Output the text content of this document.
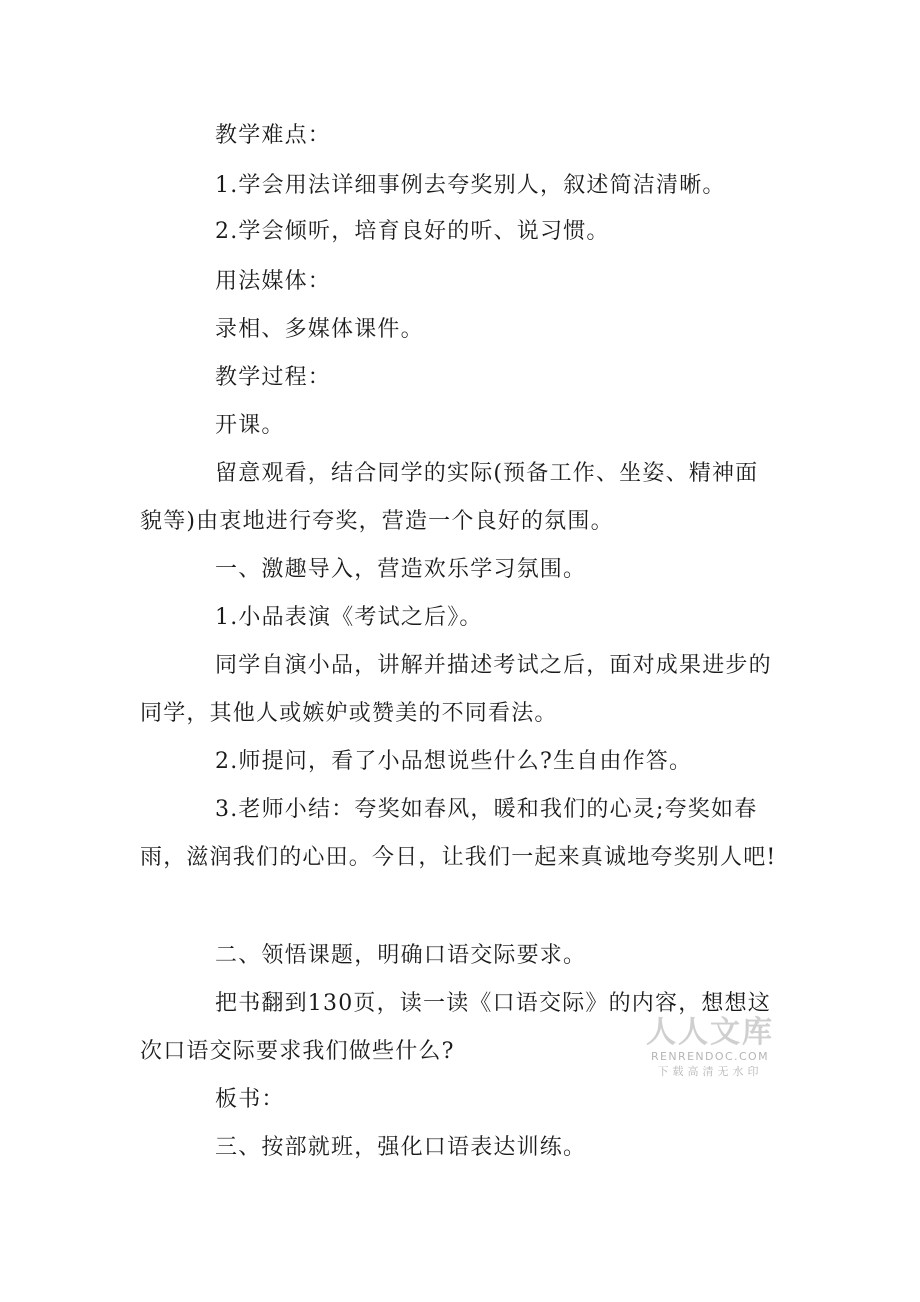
教学难点：

1.学会用法详细事例去夸奖别人，叙述简洁清晰。

2.学会倾听，培育良好的听、说习惯。

用法媒体：

录相、多媒体课件。

教学过程：

开课。

留意观看，结合同学的实际(预备工作、坐姿、精神面貌等)由衷地进行夸奖，营造一个良好的氛围。

一、激趣导入，营造欢乐学习氛围。

1.小品表演《考试之后》。

同学自演小品，讲解并描述考试之后，面对成果进步的同学，其他人或嫉妒或赞美的不同看法。

2.师提问，看了小品想说些什么?生自由作答。

3.老师小结：夸奖如春风，暖和我们的心灵;夸奖如春雨，滋润我们的心田。今日，让我们一起来真诚地夸奖别人吧!

二、领悟课题，明确口语交际要求。

把书翻到130页，读一读《口语交际》的内容，想想这次口语交际要求我们做些什么?

板书：

三、按部就班，强化口语表达训练。

人人文库
RENRENDOC.COM
下载高清无水印
